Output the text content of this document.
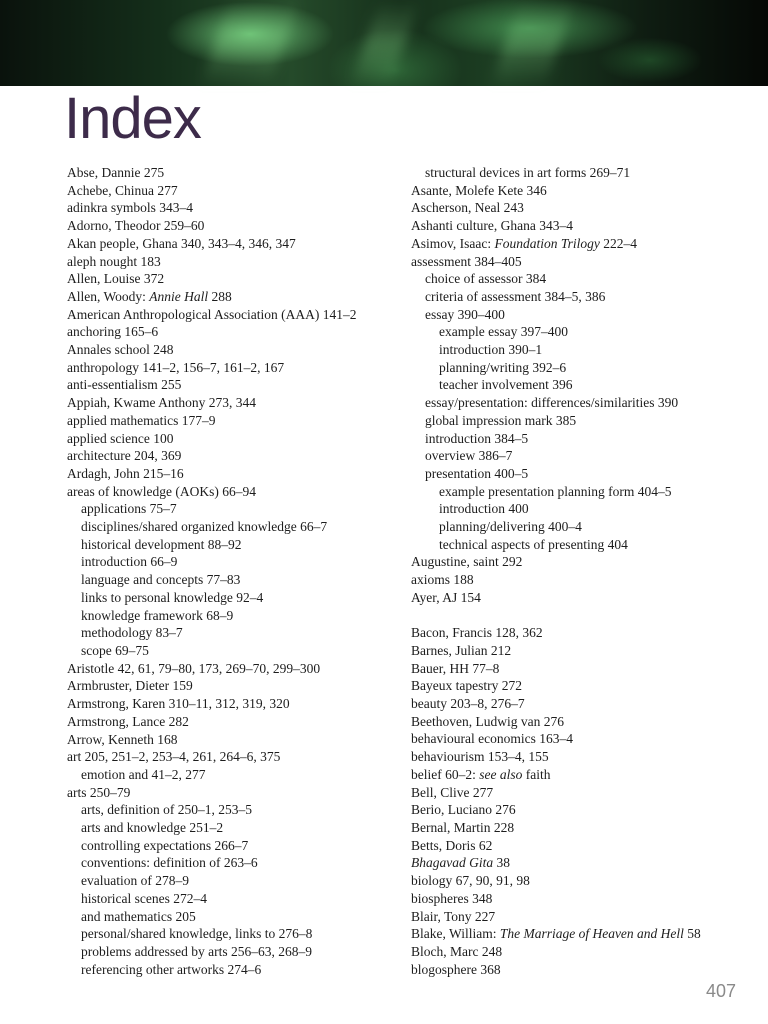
Index
Abse, Dannie 275
Achebe, Chinua 277
adinkra symbols 343–4
Adorno, Theodor 259–60
Akan people, Ghana 340, 343–4, 346, 347
aleph nought 183
Allen, Louise 372
Allen, Woody: Annie Hall 288
American Anthropological Association (AAA) 141–2
anchoring 165–6
Annales school 248
anthropology 141–2, 156–7, 161–2, 167
anti-essentialism 255
Appiah, Kwame Anthony 273, 344
applied mathematics 177–9
applied science 100
architecture 204, 369
Ardagh, John 215–16
areas of knowledge (AOKs) 66–94
applications 75–7
disciplines/shared organized knowledge 66–7
historical development 88–92
introduction 66–9
language and concepts 77–83
links to personal knowledge 92–4
knowledge framework 68–9
methodology 83–7
scope 69–75
Aristotle 42, 61, 79–80, 173, 269–70, 299–300
Armbruster, Dieter 159
Armstrong, Karen 310–11, 312, 319, 320
Armstrong, Lance 282
Arrow, Kenneth 168
art 205, 251–2, 253–4, 261, 264–6, 375
emotion and 41–2, 277
arts 250–79
arts, definition of 250–1, 253–5
arts and knowledge 251–2
controlling expectations 266–7
conventions: definition of 263–6
evaluation of 278–9
historical scenes 272–4
and mathematics 205
personal/shared knowledge, links to 276–8
problems addressed by arts 256–63, 268–9
referencing other artworks 274–6
structural devices in art forms 269–71
Asante, Molefe Kete 346
Ascherson, Neal 243
Ashanti culture, Ghana 343–4
Asimov, Isaac: Foundation Trilogy 222–4
assessment 384–405
choice of assessor 384
criteria of assessment 384–5, 386
essay 390–400
example essay 397–400
introduction 390–1
planning/writing 392–6
teacher involvement 396
essay/presentation: differences/similarities 390
global impression mark 385
introduction 384–5
overview 386–7
presentation 400–5
example presentation planning form 404–5
introduction 400
planning/delivering 400–4
technical aspects of presenting 404
Augustine, saint 292
axioms 188
Ayer, AJ 154
Bacon, Francis 128, 362
Barnes, Julian 212
Bauer, HH 77–8
Bayeux tapestry 272
beauty 203–8, 276–7
Beethoven, Ludwig van 276
behavioural economics 163–4
behaviourism 153–4, 155
belief 60–2: see also faith
Bell, Clive 277
Berio, Luciano 276
Bernal, Martin 228
Betts, Doris 62
Bhagavad Gita 38
biology 67, 90, 91, 98
biospheres 348
Blair, Tony 227
Blake, William: The Marriage of Heaven and Hell 58
Bloch, Marc 248
blogosphere 368
407
